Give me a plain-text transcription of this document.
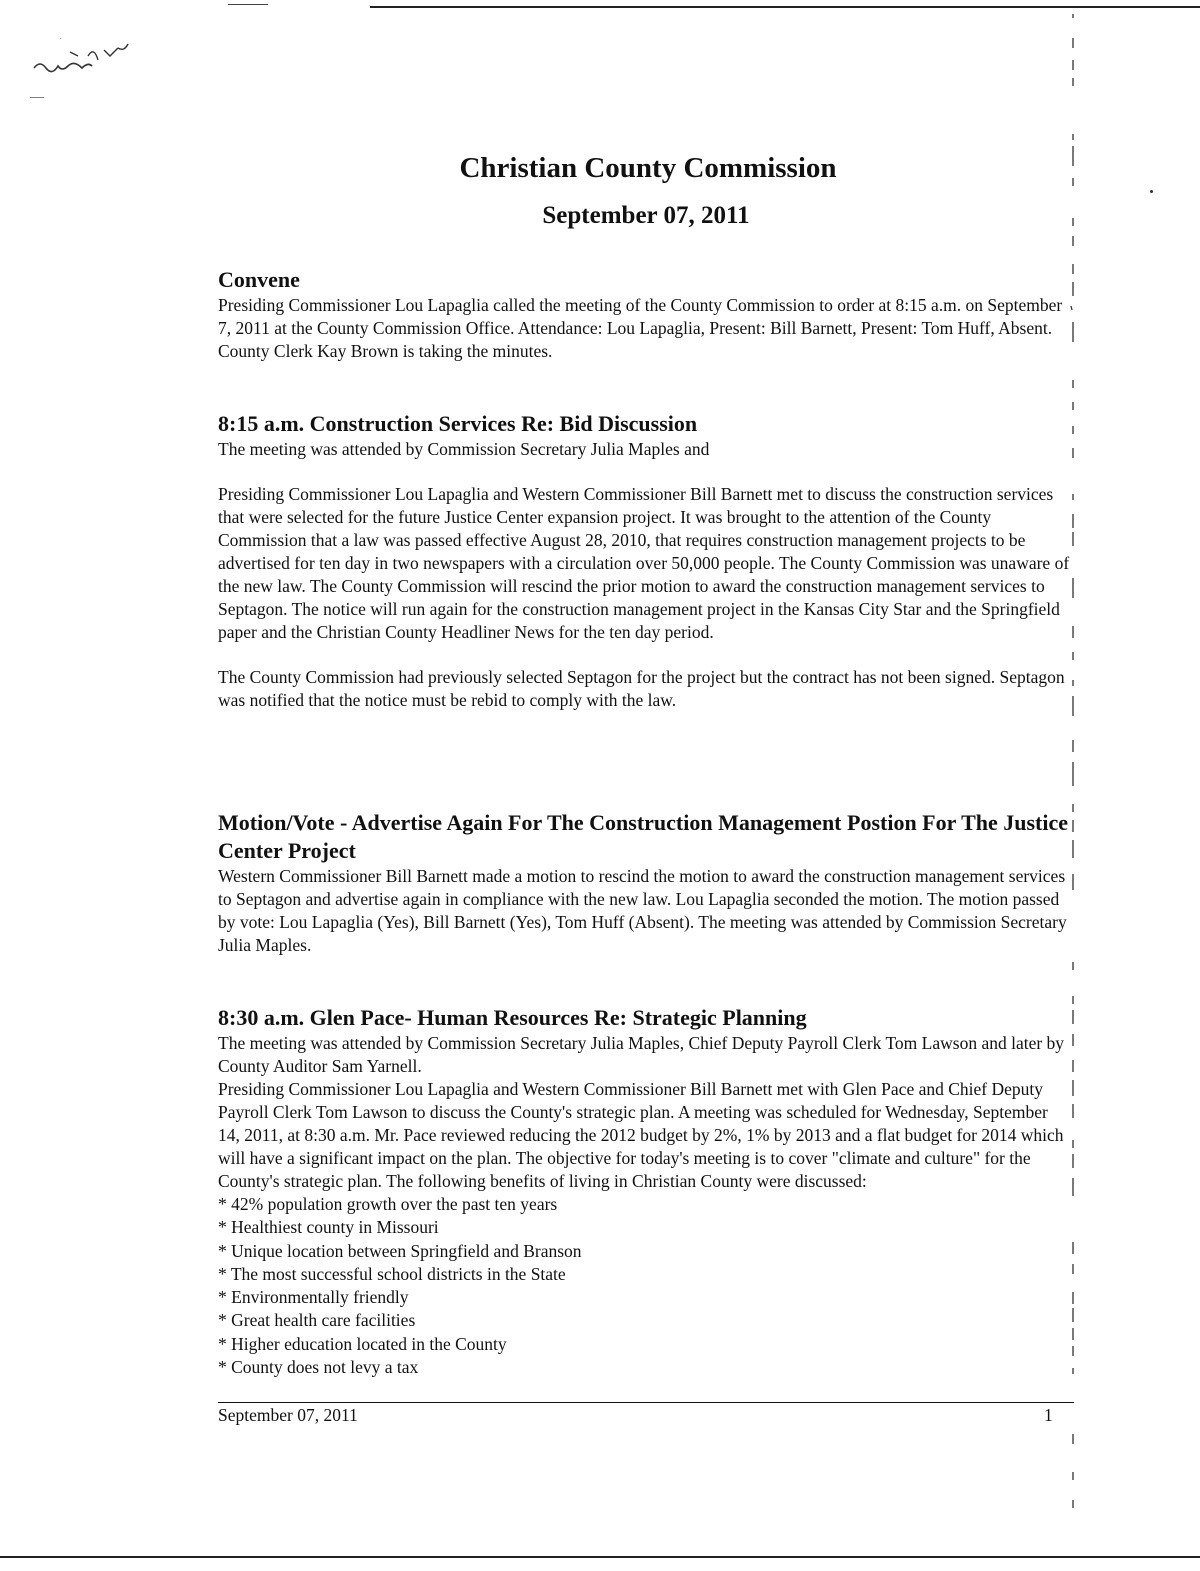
Christian County Commission
September 07, 2011
Convene

Presiding Commissioner Lou Lapaglia called the meeting of the County Commission to order at 8:15 a.m. on September 7, 2011 at the County Commission Office. Attendance: Lou Lapaglia, Present: Bill Barnett, Present: Tom Huff, Absent. County Clerk Kay Brown is taking the minutes.

8:15 a.m. Construction Services Re: Bid Discussion

The meeting was attended by Commission Secretary Julia Maples and

Presiding Commissioner Lou Lapaglia and Western Commissioner Bill Barnett met to discuss the construction services that were selected for the future Justice Center expansion project. It was brought to the attention of the County Commission that a law was passed effective August 28, 2010, that requires construction management projects to be advertised for ten day in two newspapers with a circulation over 50,000 people. The County Commission was unaware of the new law. The County Commission will rescind the prior motion to award the construction management services to Septagon. The notice will run again for the construction management project in the Kansas City Star and the Springfield paper and the Christian County Headliner News for the ten day period.

The County Commission had previously selected Septagon for the project but the contract has not been signed. Septagon was notified that the notice must be rebid to comply with the law.

Motion/Vote - Advertise Again For The Construction Management Postion For The Justice Center Project

Western Commissioner Bill Barnett made a motion to rescind the motion to award the construction management services to Septagon and advertise again in compliance with the new law. Lou Lapaglia seconded the motion. The motion passed by vote: Lou Lapaglia (Yes), Bill Barnett (Yes), Tom Huff (Absent). The meeting was attended by Commission Secretary Julia Maples.

8:30 a.m. Glen Pace- Human Resources Re: Strategic Planning

The meeting was attended by Commission Secretary Julia Maples, Chief Deputy Payroll Clerk Tom Lawson and later by County Auditor Sam Yarnell.

Presiding Commissioner Lou Lapaglia and Western Commissioner Bill Barnett met with Glen Pace and Chief Deputy Payroll Clerk Tom Lawson to discuss the County's strategic plan. A meeting was scheduled for Wednesday, September 14, 2011, at 8:30 a.m. Mr. Pace reviewed reducing the 2012 budget by 2%, 1% by 2013 and a flat budget for 2014 which will have a significant impact on the plan. The objective for today's meeting is to cover "climate and culture" for the County's strategic plan. The following benefits of living in Christian County were discussed:

* 42% population growth over the past ten years
* Healthiest county in Missouri
* Unique location between Springfield and Branson
* The most successful school districts in the State
* Environmentally friendly
* Great health care facilities
* Higher education located in the County
* County does not levy a tax
September 07, 2011	1
